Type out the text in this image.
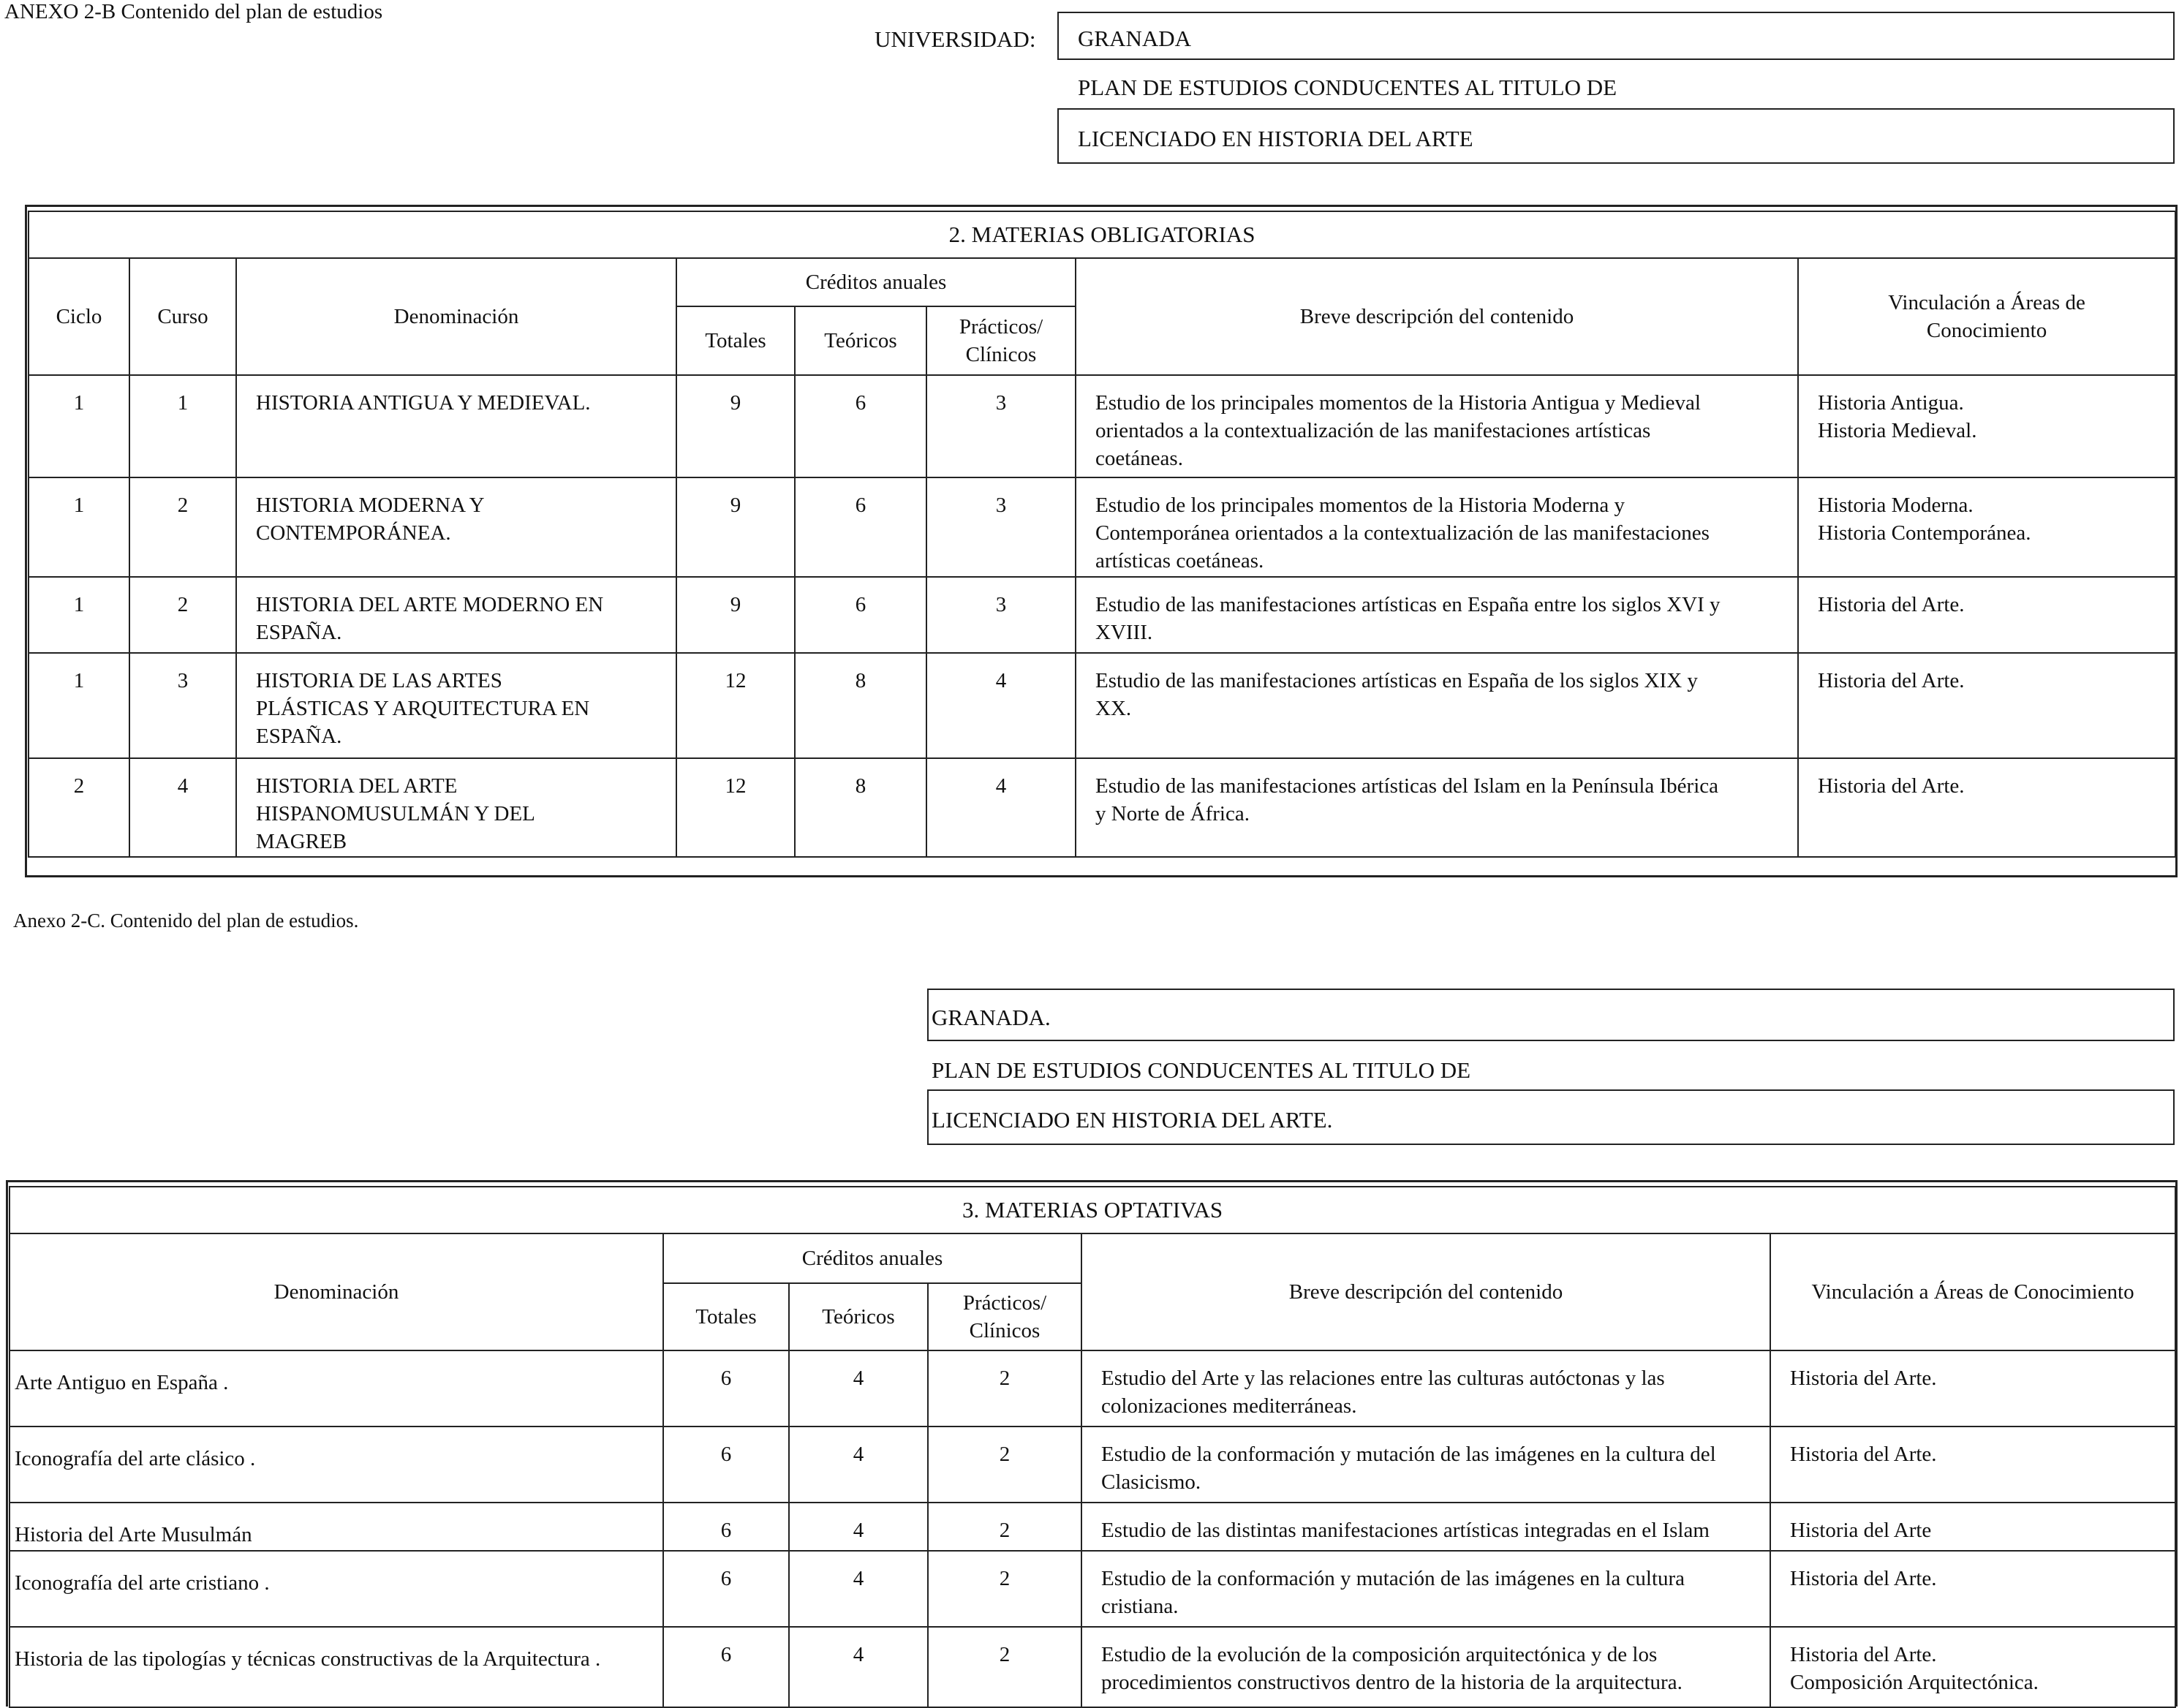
ANEXO 2-B Contenido del plan de estudios
UNIVERSIDAD: GRANADA
PLAN DE ESTUDIOS CONDUCENTES AL TITULO DE
LICENCIADO EN HISTORIA DEL ARTE
2. MATERIAS OBLIGATORIAS							
Ciclo	Curso	Denominación	Créditos anuales			Breve descripción del contenido	Vinculación a Áreas de
Conocimiento
			Totales	Teóricos	Prácticos/
Clínicos		
1	1	HISTORIA ANTIGUA Y MEDIEVAL.	9	6	3	Estudio de los principales momentos de la Historia Antigua y Medieval
orientados a la contextualización de las manifestaciones artísticas
coetáneas.	Historia Antigua.
Historia Medieval.
1	2	HISTORIA MODERNA Y
CONTEMPORÁNEA.	9	6	3	Estudio de los principales momentos de la Historia Moderna y
Contemporánea orientados a la contextualización de las manifestaciones
artísticas coetáneas.	Historia Moderna.
Historia Contemporánea.
1	2	HISTORIA DEL ARTE MODERNO EN
ESPAÑA.	9	6	3	Estudio de las manifestaciones artísticas en España entre los siglos XVI y
XVIII.	Historia del Arte.
1	3	HISTORIA DE LAS ARTES
PLÁSTICAS Y ARQUITECTURA EN
ESPAÑA.	12	8	4	Estudio de las manifestaciones artísticas en España de los siglos XIX y
XX.	Historia del Arte.
2	4	HISTORIA DEL ARTE
HISPANOMUSULMÁN Y DEL
MAGREB	12	8	4	Estudio de las manifestaciones artísticas del Islam en la Península Ibérica
y Norte de África.	Historia del Arte.
Anexo 2-C. Contenido del plan de estudios.
GRANADA.
PLAN DE ESTUDIOS CONDUCENTES AL TITULO DE
LICENCIADO EN HISTORIA DEL ARTE.
3. MATERIAS OPTATIVAS					
Denominación	Créditos anuales			Breve descripción del contenido	Vinculación a Áreas de Conocimiento
	Totales	Teóricos	Prácticos/
Clínicos		
Arte Antiguo en España .	6	4	2	Estudio del Arte y las relaciones entre las culturas autóctonas y las
colonizaciones mediterráneas.	Historia del Arte.
Iconografía del arte clásico .	6	4	2	Estudio de la conformación y mutación de las imágenes en la cultura del
Clasicismo.	Historia del Arte.
Historia del Arte Musulmán	6	4	2	Estudio de las distintas manifestaciones artísticas integradas en el Islam	Historia del Arte
Iconografía del arte cristiano .	6	4	2	Estudio de la conformación y mutación de las imágenes en la cultura
cristiana.	Historia del Arte.
Historia de las tipologías y técnicas constructivas de la Arquitectura .	6	4	2	Estudio de la evolución de la composición arquitectónica y de los
procedimientos constructivos dentro de la historia de la arquitectura.	Historia del Arte.
Composición Arquitectónica.
